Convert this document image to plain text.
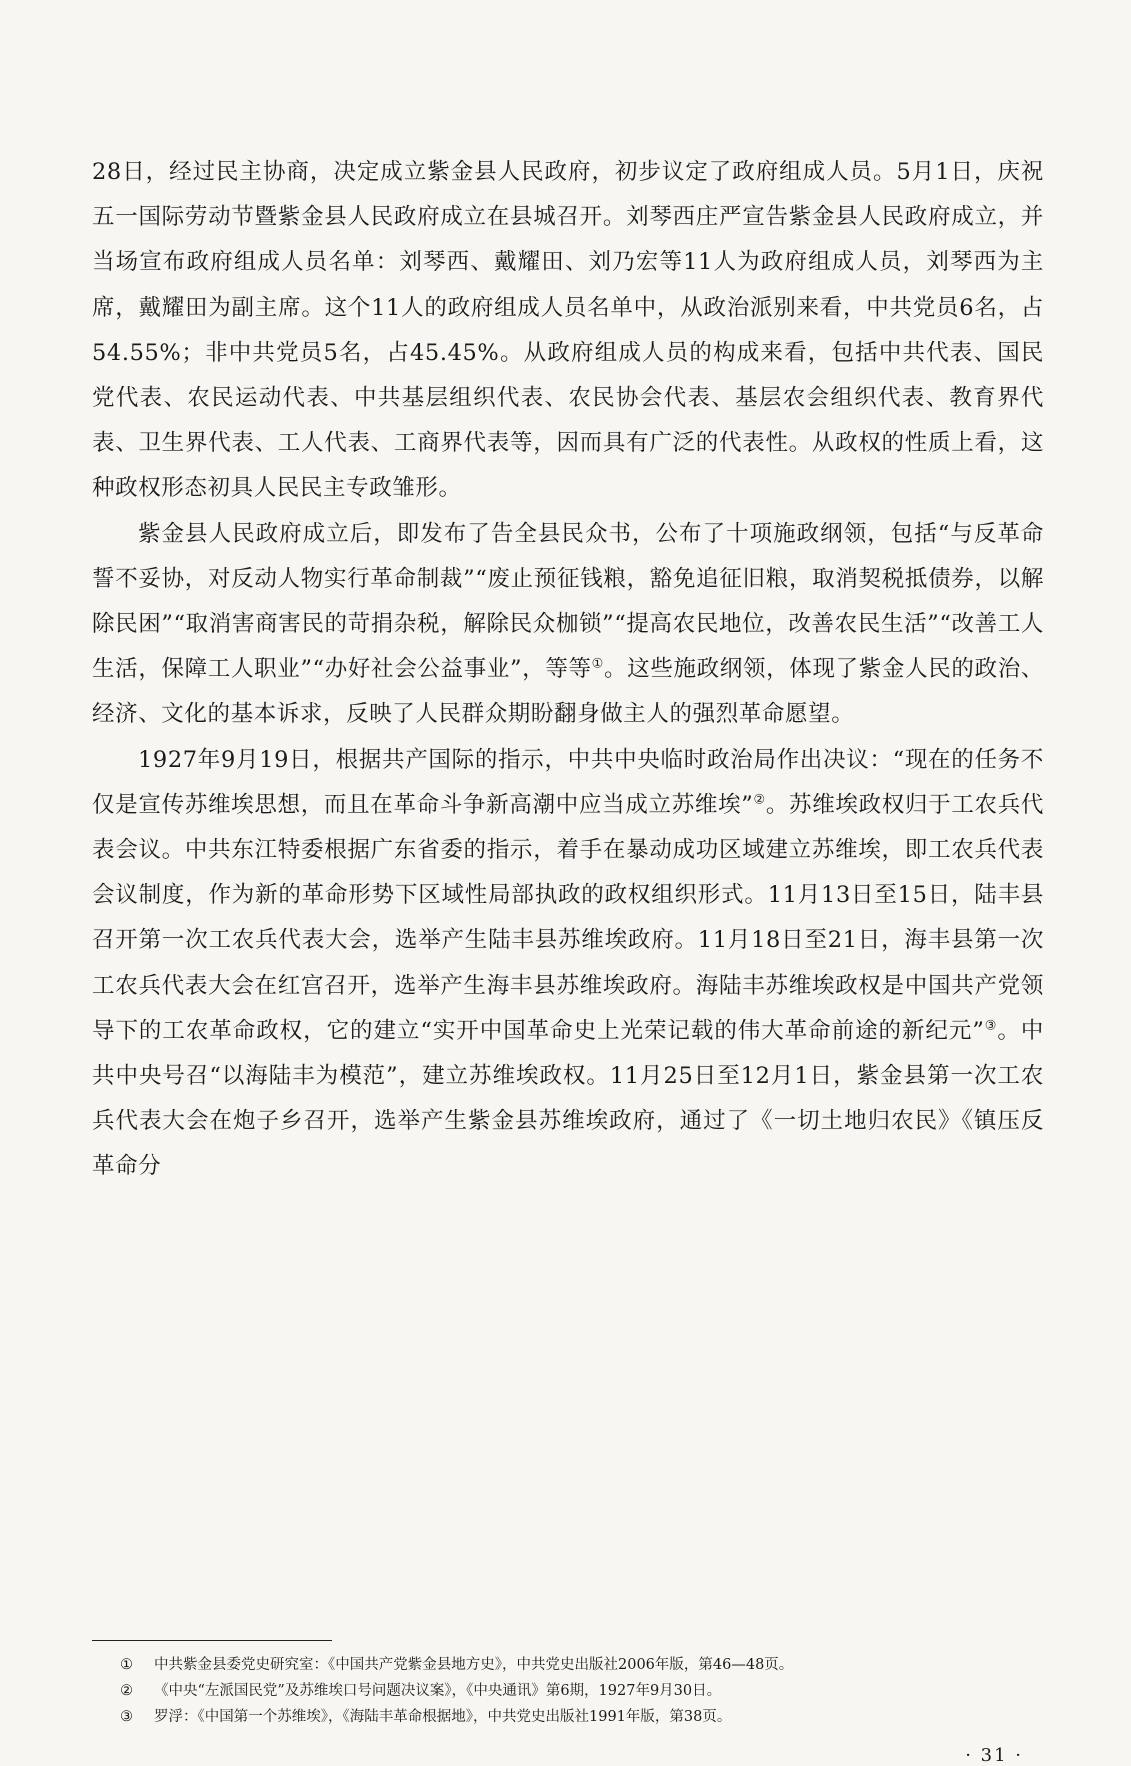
28日，经过民主协商，决定成立紫金县人民政府，初步议定了政府组成人员。5月1日，庆祝五一国际劳动节暨紫金县人民政府成立在县城召开。刘琴西庄严宣告紫金县人民政府成立，并当场宣布政府组成人员名单：刘琴西、戴耀田、刘乃宏等11人为政府组成人员，刘琴西为主席，戴耀田为副主席。这个11人的政府组成人员名单中，从政治派别来看，中共党员6名，占54.55%；非中共党员5名，占45.45%。从政府组成人员的构成来看，包括中共代表、国民党代表、农民运动代表、中共基层组织代表、农民协会代表、基层农会组织代表、教育界代表、卫生界代表、工人代表、工商界代表等，因而具有广泛的代表性。从政权的性质上看，这种政权形态初具人民民主专政雏形。

紫金县人民政府成立后，即发布了告全县民众书，公布了十项施政纲领，包括“与反革命誓不妥协，对反动人物实行革命制裁”“废止预征钱粮，豁免追征旧粮，取消契税抵债券，以解除民困”“取消害商害民的苛捐杂税，解除民众枷锁”“提高农民地位，改善农民生活”“改善工人生活，保障工人职业”“办好社会公益事业”，等等①。这些施政纲领，体现了紫金人民的政治、经济、文化的基本诉求，反映了人民群众期盼翻身做主人的强烈革命愿望。

1927年9月19日，根据共产国际的指示，中共中央临时政治局作出决议：“现在的任务不仅是宣传苏维埃思想，而且在革命斗争新高潮中应当成立苏维埃”②。苏维埃政权归于工农兵代表会议。中共东江特委根据广东省委的指示，着手在暴动成功区域建立苏维埃，即工农兵代表会议制度，作为新的革命形势下区域性局部执政的政权组织形式。11月13日至15日，陆丰县召开第一次工农兵代表大会，选举产生陆丰县苏维埃政府。11月18日至21日，海丰县第一次工农兵代表大会在红宫召开，选举产生海丰县苏维埃政府。海陆丰苏维埃政权是中国共产党领导下的工农革命政权，它的建立“实开中国革命史上光荣记载的伟大革命前途的新纪元”③。中共中央号召“以海陆丰为模范”，建立苏维埃政权。11月25日至12月1日，紫金县第一次工农兵代表大会在炮子乡召开，选举产生紫金县苏维埃政府，通过了《一切土地归农民》《镇压反革命分

① 中共紫金县委党史研究室：《中国共产党紫金县地方史》，中共党史出版社2006年版，第46—48页。

② 《中央“左派国民党”及苏维埃口号问题决议案》，《中央通讯》第6期，1927年9月30日。

③ 罗浮：《中国第一个苏维埃》，《海陆丰革命根据地》，中共党史出版社1991年版，第38页。

· 31 ·
